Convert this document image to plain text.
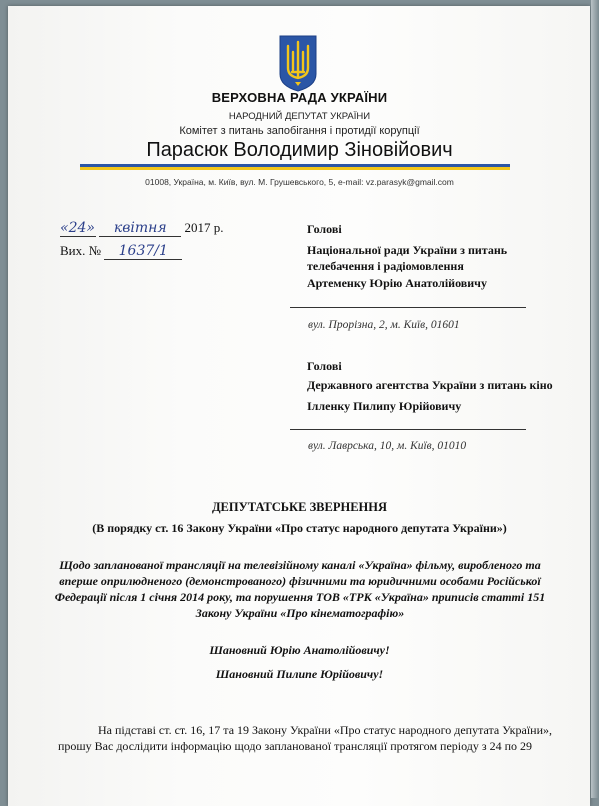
ВЕРХОВНА РАДА УКРАЇНИ
НАРОДНИЙ ДЕПУТАТ УКРАЇНИ
Комітет з питань запобігання і протидії корупції
Парасюк Володимир Зіновійович
01008, Україна, м. Київ, вул. М. Грушевського, 5, e-mail: vz.parasyk@gmail.com
«24» квітня 2017 р.
Вих. № 1637/1
Голові
Національної ради України з питань телебачення і радіомовлення
Артеменку Юрію Анатолійовичу
вул. Прорізна, 2, м. Київ, 01601
Голові
Державного агентства України з питань кіно
Ілленку Пилипу Юрійовичу
вул. Лаврська, 10, м. Київ, 01010
ДЕПУТАТСЬКЕ ЗВЕРНЕННЯ
(В порядку ст. 16 Закону України «Про статус народного депутата України»)
Щодо запланованої трансляції на телевізійному каналі «Україна» фільму, виробленого та вперше оприлюдненого (демонстрованого) фізичними та юридичними особами Російської Федерації після 1 січня 2014 року, та порушення ТОВ «ТРК «Україна» приписів статті 151 Закону України «Про кінематографію»
Шановний Юрію Анатолійовичу!
Шановний Пилипе Юрійовичу!
На підставі ст. ст. 16, 17 та 19 Закону України «Про статус народного депутата України», прошу Вас дослідити інформацію щодо запланованої трансляції протягом періоду з 24 по 29
